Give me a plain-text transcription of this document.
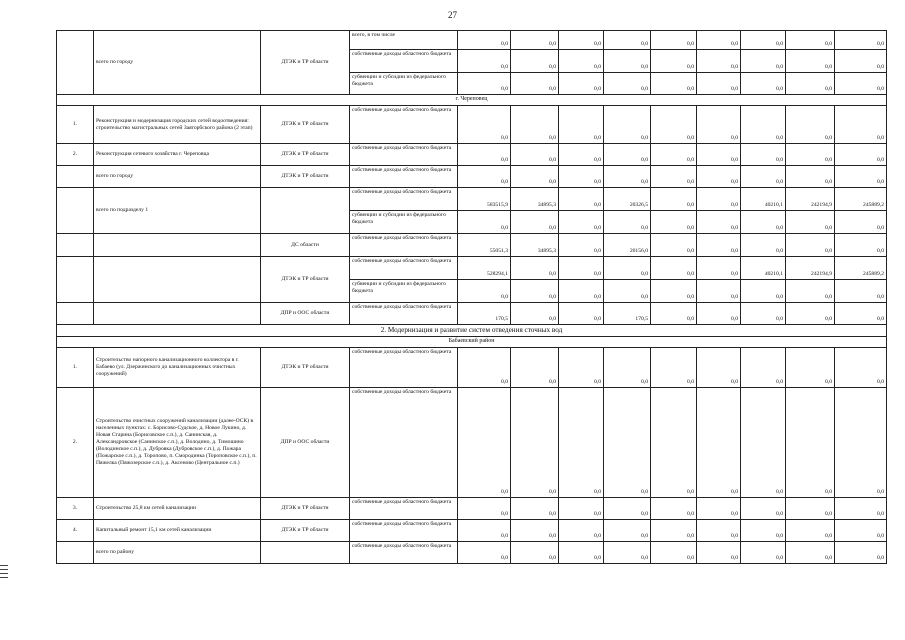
27
	всего по городу	ДТЭК и ТР области	всего, в том числе	0,0	0,0	0,0	0,0	0,0	0,0	0,0	0,0	0,0
			собственные доходы областного бюджета	0,0	0,0	0,0	0,0	0,0	0,0	0,0	0,0	0,0
			субвенции и субсидии из федерального бюджета	0,0	0,0	0,0	0,0	0,0	0,0	0,0	0,0	0,0
г. Череповец												
1.	Реконструкция и модернизация городских сетей водоотведения: строительство магистральных сетей Заягорбского района (2 этап)	ДТЭК и ТР области	собственные доходы областного бюджета	0,0	0,0	0,0	0,0	0,0	0,0	0,0	0,0	0,0
2.	Реконструкция сетевого хозяйства г. Череповца	ДТЭК и ТР области	собственные доходы областного бюджета	0,0	0,0	0,0	0,0	0,0	0,0	0,0	0,0	0,0
	всего по городу	ДТЭК и ТР области	собственные доходы областного бюджета	0,0	0,0	0,0	0,0	0,0	0,0	0,0	0,0	0,0
	всего по подразделу 1		собственные доходы областного бюджета	583515,9	34895,3	0,0	20326,5	0,0	0,0	40210,1	242194,9	245889,2
			субвенции и субсидии из федерального бюджета	0,0	0,0	0,0	0,0	0,0	0,0	0,0	0,0	0,0
		ДС области	собственные доходы областного бюджета	55051,3	34895,3	0,0	20156,0	0,0	0,0	0,0	0,0	0,0
		ДТЭК и ТР области	собственные доходы областного бюджета	528294,1	0,0	0,0	0,0	0,0	0,0	40210,1	242194,9	245889,2
			субвенции и субсидии из федерального бюджета	0,0	0,0	0,0	0,0	0,0	0,0	0,0	0,0	0,0
		ДПР и ООС области	собственные доходы областного бюджета	170,5	0,0	0,0	170,5	0,0	0,0	0,0	0,0	0,0
2. Модернизация и развитие систем отведения сточных вод												
Бабаевский район												
1.	Строительство напорного канализационного коллектора в г. Бабаево (ул. Дзержинского до канализационных очистных сооружений)	ДТЭК и ТР области	собственные доходы областного бюджета	0,0	0,0	0,0	0,0	0,0	0,0	0,0	0,0	0,0
2.	Строительство очистных сооружений канализации (далее-ОСК) в населенных пунктах: с. Борисово-Судское, д. Новое Лукино, д. Новая Старина (Борисовское с.п.), д. Санинская, д. Александровское (Санинское с.п.), д. Володино, д. Тимошино (Володинское с.п.), д. Дубровка (Дубровское с.п.), д. Пожара (Пожарское с.п.), д. Торопово, п. Смородинка (Тороповское с.п.), п. Пяжелка (Пяжозерское с.п.), д. Аксеново (Центральное с.п.)	ДПР и ООС области	собственные доходы областного бюджета	0,0	0,0	0,0	0,0	0,0	0,0	0,0	0,0	0,0
3.	Строительство 25,8 км сетей канализации	ДТЭК и ТР области	собственные доходы областного бюджета	0,0	0,0	0,0	0,0	0,0	0,0	0,0	0,0	0,0
4.	Капитальный ремонт 15,1 км сетей канализации	ДТЭК и ТР области	собственные доходы областного бюджета	0,0	0,0	0,0	0,0	0,0	0,0	0,0	0,0	0,0
	всего по району		собственные доходы областного бюджета	0,0	0,0	0,0	0,0	0,0	0,0	0,0	0,0	0,0
